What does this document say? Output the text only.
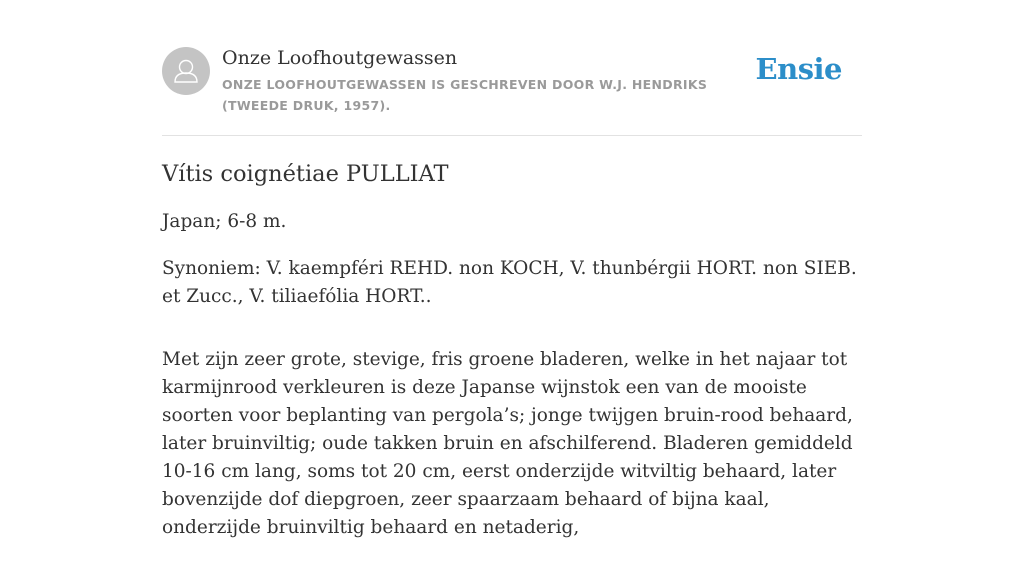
Onze Loofhoutgewassen
ONZE LOOFHOUTGEWASSEN IS GESCHREVEN DOOR W.J. HENDRIKS (TWEEDE DRUK, 1957).
Ensie
Vítis coignétiae PULLIAT

Japan; 6-8 m.

Synoniem: V. kaempféri REHD. non KOCH, V. thunbérgii HORT. non SIEB. et Zucc., V. tiliaefólia HORT..

Met zijn zeer grote, stevige, fris groene bladeren, welke in het najaar tot karmijnrood verkleuren is deze Japanse wijnstok een van de mooiste soorten voor beplanting van pergola’s; jonge twijgen bruin-rood behaard, later bruinviltig; oude takken bruin en afschilferend. Bladeren gemiddeld 10-16 cm lang, soms tot 20 cm, eerst onderzijde witviltig behaard, later bovenzijde dof diepgroen, zeer spaarzaam behaard of bijna kaal, onderzijde bruinviltig behaard en netaderig,
